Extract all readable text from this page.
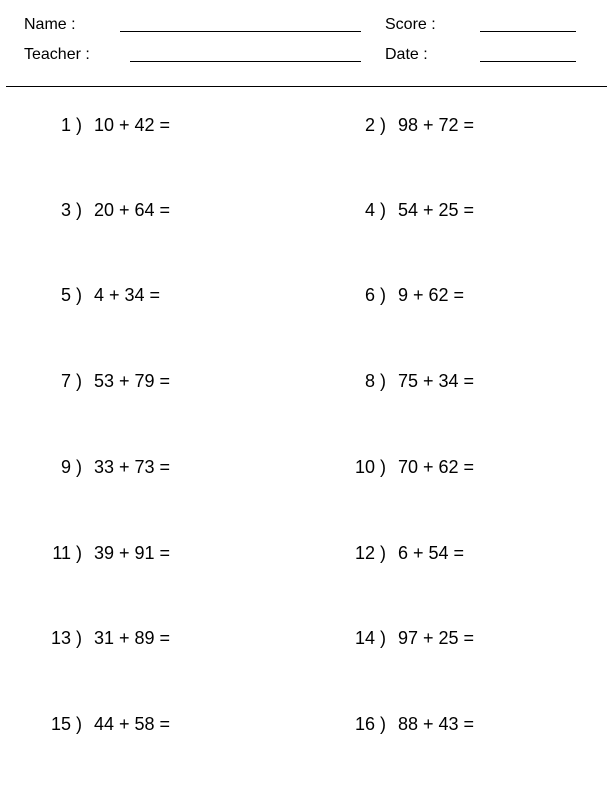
Name :
Teacher :
Score :
Date :
1 ) 10 + 42 =	2 ) 98 + 72 =
3 ) 20 + 64 =	4 ) 54 + 25 =
5 ) 4 + 34 =	6 ) 9 + 62 =
7 ) 53 + 79 =	8 ) 75 + 34 =
9 ) 33 + 73 =	10 ) 70 + 62 =
11 ) 39 + 91 =	12 ) 6 + 54 =
13 ) 31 + 89 =	14 ) 97 + 25 =
15 ) 44 + 58 =	16 ) 88 + 43 =
